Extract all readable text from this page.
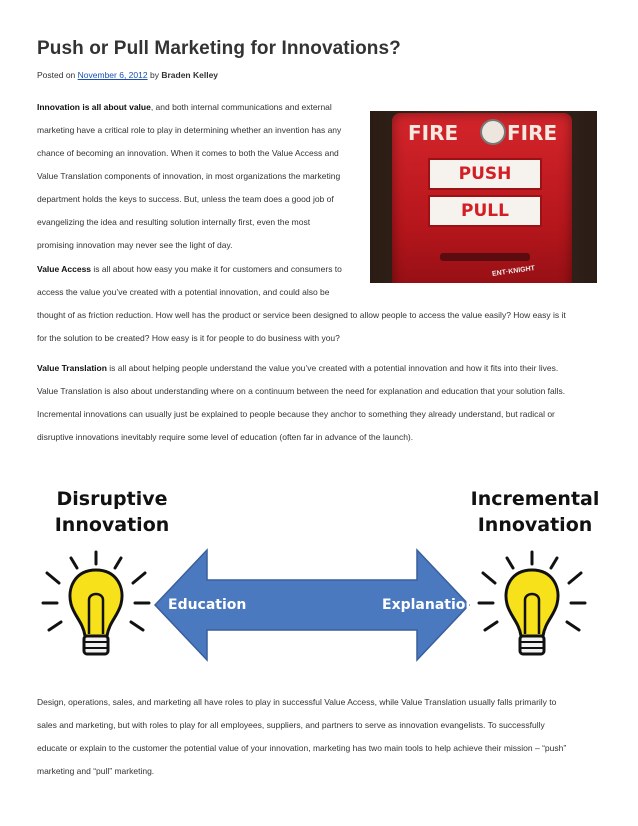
Push or Pull Marketing for Innovations?
Posted on November 6, 2012 by Braden Kelley
Innovation is all about value, and both internal communications and external
marketing have a critical role to play in determining whether an invention has any
chance of becoming an innovation. When it comes to both the Value Access and
Value Translation components of innovation, in most organizations the marketing
department holds the keys to success. But, unless the team does a good job of
evangelizing the idea and resulting solution internally first, even the most
promising innovation may never see the light of day.
FIRE FIRE
PUSH
PULL
ENT·KNIGHT
Value Access is all about how easy you make it for customers and consumers to
access the value you’ve created with a potential innovation, and could also be
thought of as friction reduction. How well has the product or service been designed to allow people to access the value easily? How easy is it
for the solution to be created? How easy is it for people to do business with you?
Value Translation is all about helping people understand the value you’ve created with a potential innovation and how it fits into their lives.
Value Translation is also about understanding where on a continuum between the need for explanation and education that your solution falls.
Incremental innovations can usually just be explained to people because they anchor to something they already understand, but radical or
disruptive innovations inevitably require some level of education (often far in advance of the launch).
Disruptive
Innovation
Incremental
Innovation
Education	Explanation
Design, operations, sales, and marketing all have roles to play in successful Value Access, while Value Translation usually falls primarily to
sales and marketing, but with roles to play for all employees, suppliers, and partners to serve as innovation evangelists. To successfully
educate or explain to the customer the potential value of your innovation, marketing has two main tools to help achieve their mission – “push”
marketing and “pull” marketing.
